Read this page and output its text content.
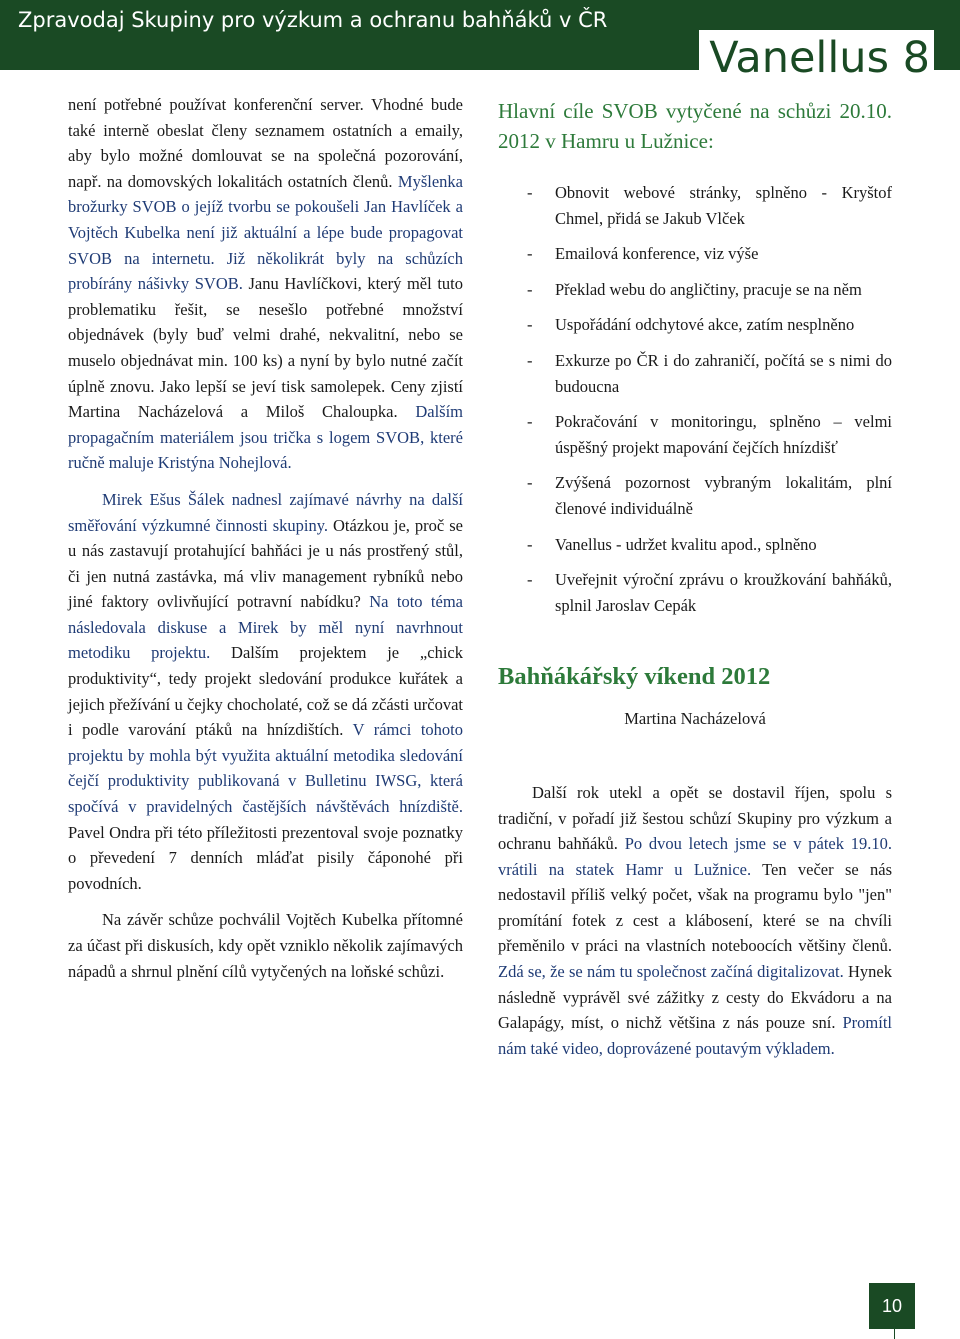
Zpravodaj Skupiny pro výzkum a ochranu bahňáků v ČR
Vanellus 8

není potřebné používat konferenční server. Vhodné bude také interně obeslat členy seznamem ostatních a emaily, aby bylo možné domlouvat se na společná pozorování, např. na domovských lokalitách ostatních členů. Myšlenka brožurky SVOB o jejíž tvorbu se pokoušeli Jan Havlíček a Vojtěch Kubelka není již aktuální a lépe bude propagovat SVOB na internetu. Již několikrát byly na schůzích probírány nášivky SVOB. Janu Havlíčkovi, který měl tuto problematiku řešit, se nesešlo potřebné množství objednávek (byly buď velmi drahé, nekvalitní, nebo se muselo objednávat min. 100 ks) a nyní by bylo nutné začít úplně znovu. Jako lepší se jeví tisk samolepek. Ceny zjistí Martina Nacházelová a Miloš Chaloupka. Dalším propagačním materiálem jsou trička s logem SVOB, které ručně maluje Kristýna Nohejlová.

Mirek Ešus Šálek nadnesl zajímavé návrhy na další směřování výzkumné činnosti skupiny. Otázkou je, proč se u nás zastavují protahující bahňáci je u nás prostřený stůl, či jen nutná zastávka, má vliv management rybníků nebo jiné faktory ovlivňující potravní nabídku? Na toto téma následovala diskuse a Mirek by měl nyní navrhnout metodiku projektu. Dalším projektem je „chick produktivity“, tedy projekt sledování produkce kuřátek a jejich přežívání u čejky chocholaté, což se dá zčásti určovat i podle varování ptáků na hnízdištích. V rámci tohoto projektu by mohla být využita aktuální metodika sledování čejčí produktivity publikovaná v Bulletinu IWSG, která spočívá v pravidelných častějších návštěvách hnízdiště. Pavel Ondra při této příležitosti prezentoval svoje poznatky o převedení 7 denních mláďat pisily čáponohé při povodních.

Na závěr schůze pochválil Vojtěch Kubelka přítomné za účast při diskusích, kdy opět vzniklo několik zajímavých nápadů a shrnul plnění cílů vytyčených na loňské schůzi.

Hlavní cíle SVOB vytyčené na schůzi 20.10. 2012 v Hamru u Lužnice:
- Obnovit webové stránky, splněno - Kryštof Chmel, přidá se Jakub Vlček
- Emailová konference, viz výše
- Překlad webu do angličtiny, pracuje se na něm
- Uspořádání odchytové akce, zatím nesplněno
- Exkurze po ČR i do zahraničí, počítá se s nimi do budoucna
- Pokračování v monitoringu, splněno – velmi úspěšný projekt mapování čejčích hnízdišť
- Zvýšená pozornost vybraným lokalitám, plní členové individuálně
- Vanellus - udržet kvalitu apod., splněno
- Uveřejnit výroční zprávu o kroužkování bahňáků, splnil Jaroslav Cepák
Bahňákářský víkend 2012
Martina Nacházelová

Další rok utekl a opět se dostavil říjen, spolu s tradiční, v pořadí již šestou schůzí Skupiny pro výzkum a ochranu bahňáků. Po dvou letech jsme se v pátek 19.10. vrátili na statek Hamr u Lužnice. Ten večer se nás nedostavil příliš velký počet, však na programu bylo "jen" promítání fotek z cest a klábosení, které se na chvíli přeměnilo v práci na vlastních noteboocích většiny členů. Zdá se, že se nám tu společnost začíná digitalizovat. Hynek následně vyprávěl své zážitky z cesty do Ekvádoru a na Galapágy, míst, o nichž většina z nás pouze sní. Promítl nám také video, doprovázené poutavým výkladem.

10
